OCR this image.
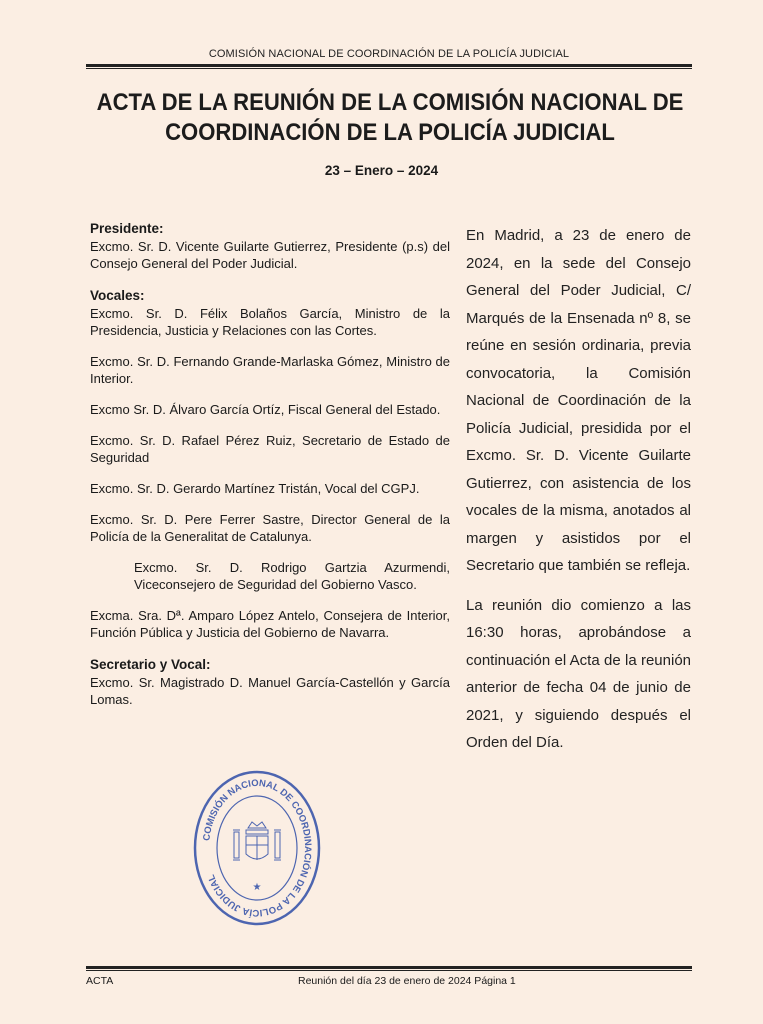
COMISIÓN NACIONAL DE COORDINACIÓN DE LA POLICÍA JUDICIAL
ACTA DE LA REUNIÓN DE LA COMISIÓN NACIONAL DE
COORDINACIÓN DE LA POLICÍA JUDICIAL
23 – Enero – 2024
Presidente:

Excmo. Sr. D. Vicente Guilarte Gutierrez, Presidente (p.s) del Consejo General del Poder Judicial.

Vocales:

Excmo. Sr. D. Félix Bolaños García, Ministro de la Presidencia, Justicia y Relaciones con las Cortes.

Excmo. Sr. D. Fernando Grande-Marlaska Gómez, Ministro de Interior.

Excmo Sr. D. Álvaro García Ortíz, Fiscal General del Estado.

Excmo. Sr. D. Rafael Pérez Ruiz, Secretario de Estado de Seguridad

Excmo. Sr. D. Gerardo Martínez Tristán, Vocal del CGPJ.

Excmo. Sr. D. Pere Ferrer Sastre, Director General de la Policía de la Generalitat de Catalunya.

Excmo. Sr. D. Rodrigo Gartzia Azurmendi, Viceconsejero de Seguridad del Gobierno Vasco.

Excma. Sra. Dª. Amparo López Antelo, Consejera de Interior, Función Pública y Justicia del Gobierno de Navarra.

Secretario y Vocal:

Excmo. Sr. Magistrado D. Manuel García-Castellón y García Lomas.

En Madrid, a 23 de enero de 2024, en la sede del Consejo General del Poder Judicial, C/ Marqués de la Ensenada nº 8, se reúne en sesión ordinaria, previa convocatoria, la Comisión Nacional de Coordinación de la Policía Judicial, presidida por el Excmo. Sr. D. Vicente Guilarte Gutierrez, con asistencia de los vocales de la misma, anotados al margen y asistidos por el Secretario que también se refleja.

La reunión dio comienzo a las 16:30 horas, aprobándose a continuación el Acta de la reunión anterior de fecha 04 de junio de 2021, y siguiendo después el Orden del Día.

COMISIÓN NACIONAL DE COORDINACIÓN DE LA POLICÍA JUDICIAL
★
ACTA	Reunión del día 23 de enero de 2024 Página 1
